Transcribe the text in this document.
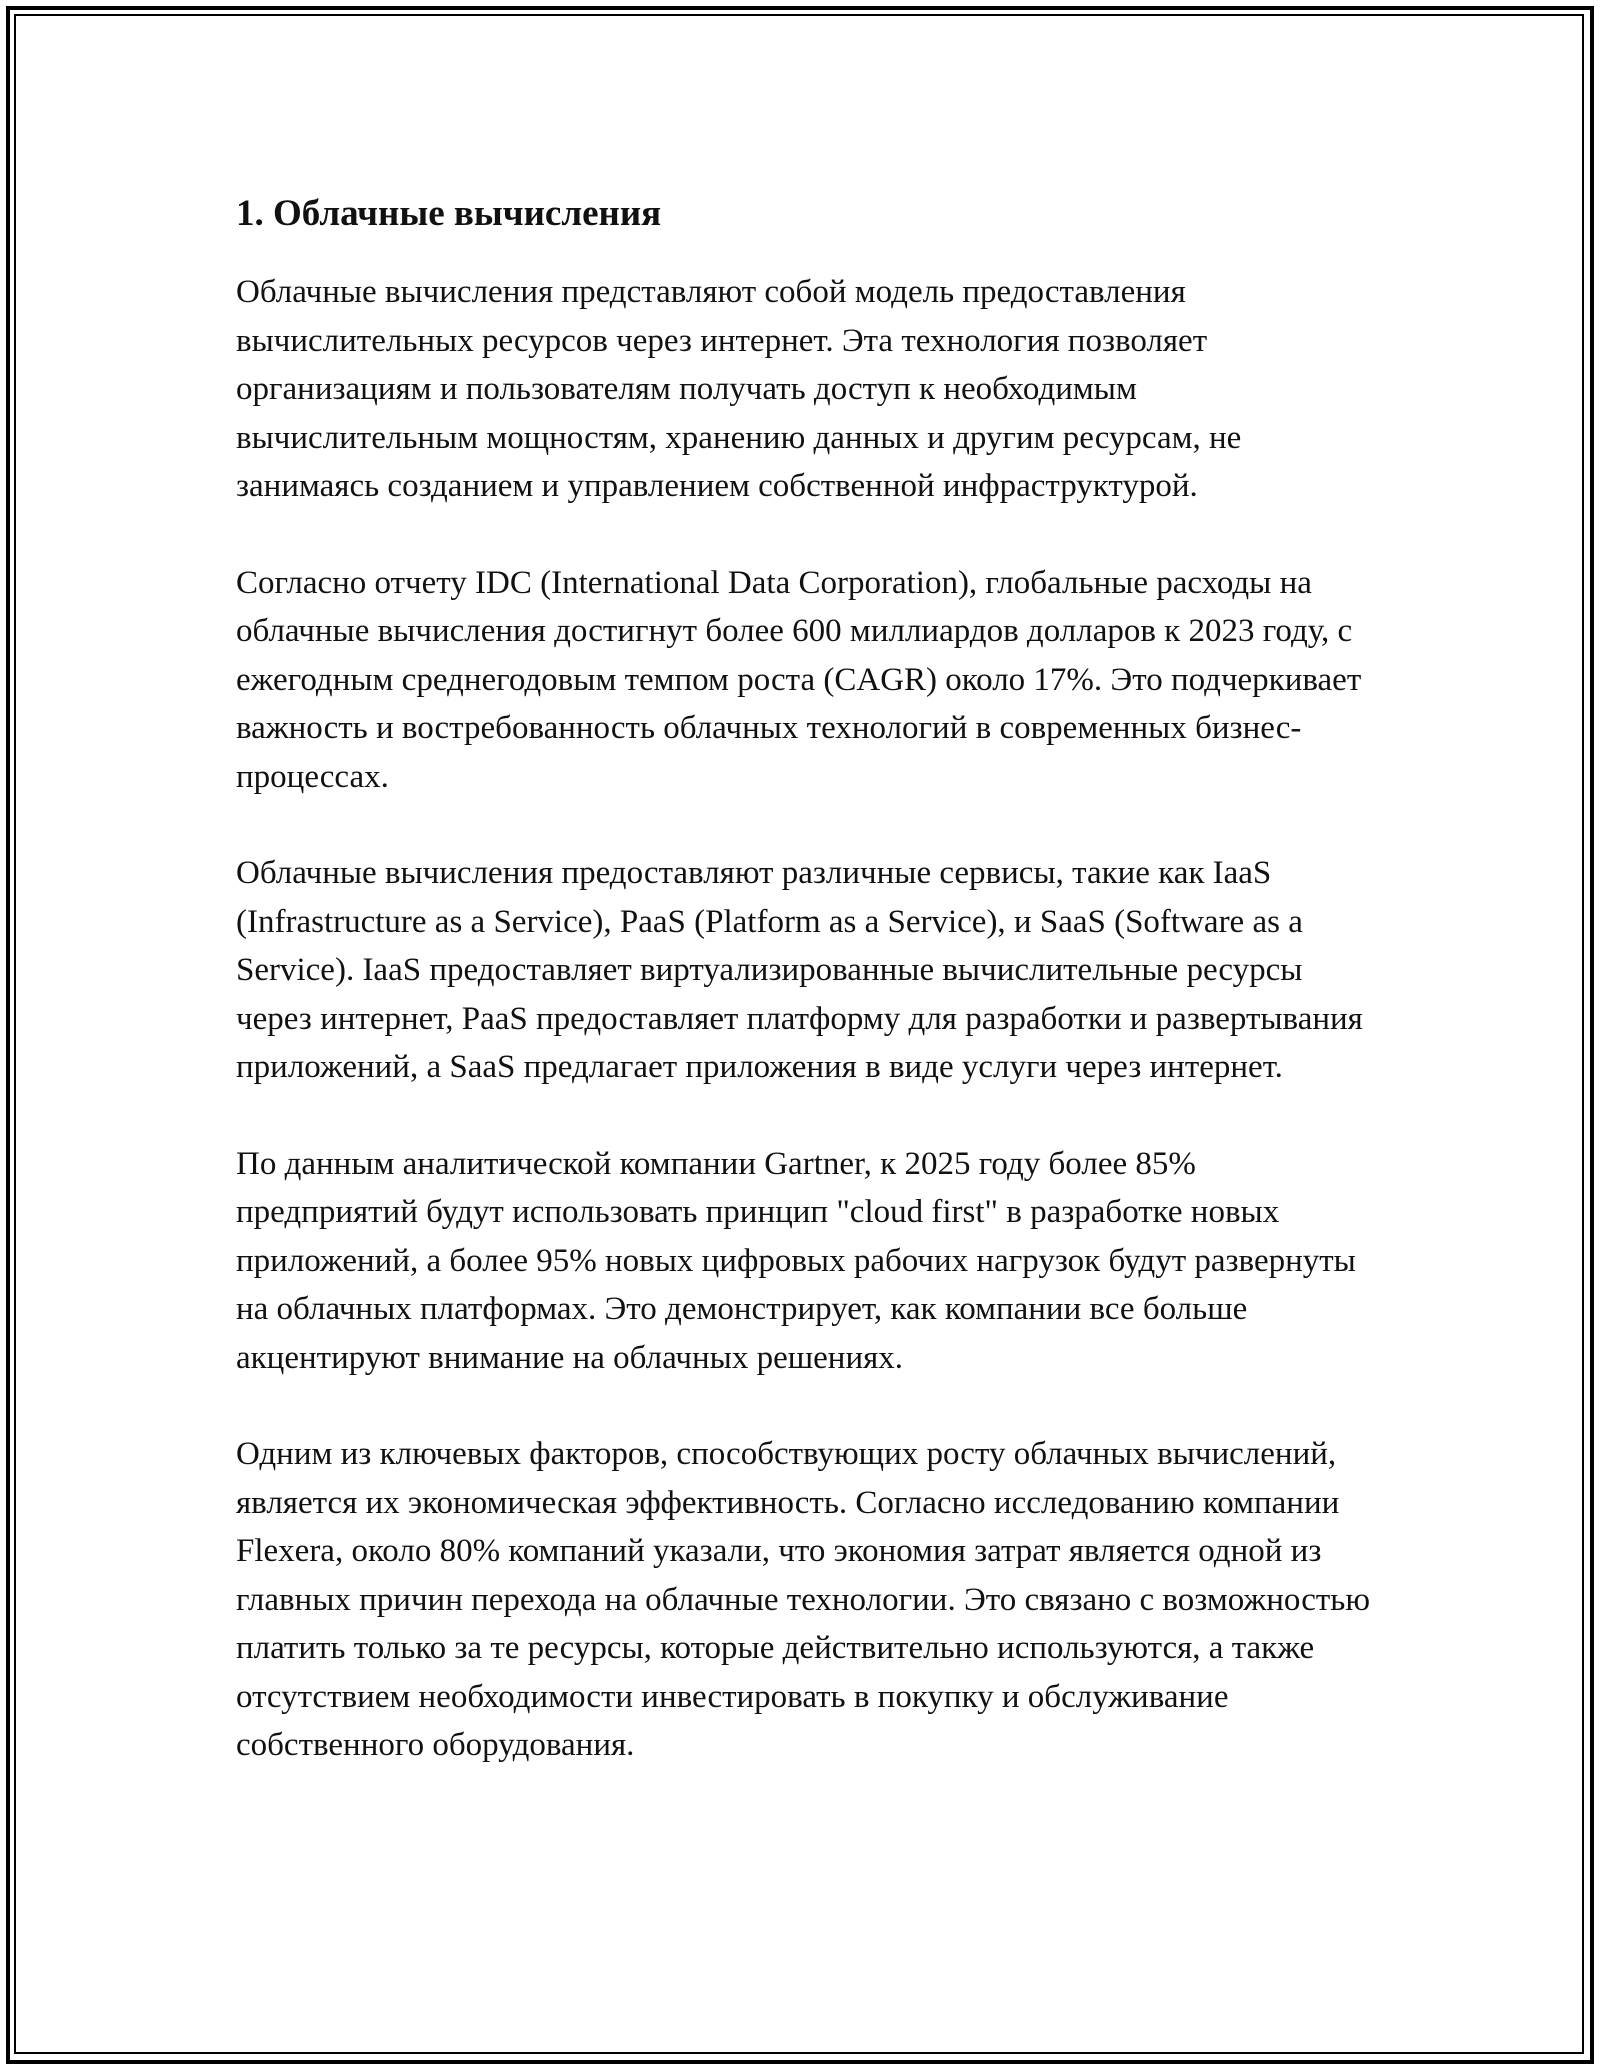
1. Облачные вычисления

Облачные вычисления представляют собой модель предоставления вычислительных ресурсов через интернет. Эта технология позволяет организациям и пользователям получать доступ к необходимым вычислительным мощностям, хранению данных и другим ресурсам, не занимаясь созданием и управлением собственной инфраструктурой.

Согласно отчету IDC (International Data Corporation), глобальные расходы на облачные вычисления достигнут более 600 миллиардов долларов к 2023 году, с ежегодным среднегодовым темпом роста (CAGR) около 17%. Это подчеркивает важность и востребованность облачных технологий в современных бизнес-процессах.

Облачные вычисления предоставляют различные сервисы, такие как IaaS (Infrastructure as a Service), PaaS (Platform as a Service), и SaaS (Software as a Service). IaaS предоставляет виртуализированные вычислительные ресурсы через интернет, PaaS предоставляет платформу для разработки и развертывания приложений, а SaaS предлагает приложения в виде услуги через интернет.

По данным аналитической компании Gartner, к 2025 году более 85% предприятий будут использовать принцип "cloud first" в разработке новых приложений, а более 95% новых цифровых рабочих нагрузок будут развернуты на облачных платформах. Это демонстрирует, как компании все больше акцентируют внимание на облачных решениях.

Одним из ключевых факторов, способствующих росту облачных вычислений, является их экономическая эффективность. Согласно исследованию компании Flexera, около 80% компаний указали, что экономия затрат является одной из главных причин перехода на облачные технологии. Это связано с возможностью платить только за те ресурсы, которые действительно используются, а также отсутствием необходимости инвестировать в покупку и обслуживание собственного оборудования.
